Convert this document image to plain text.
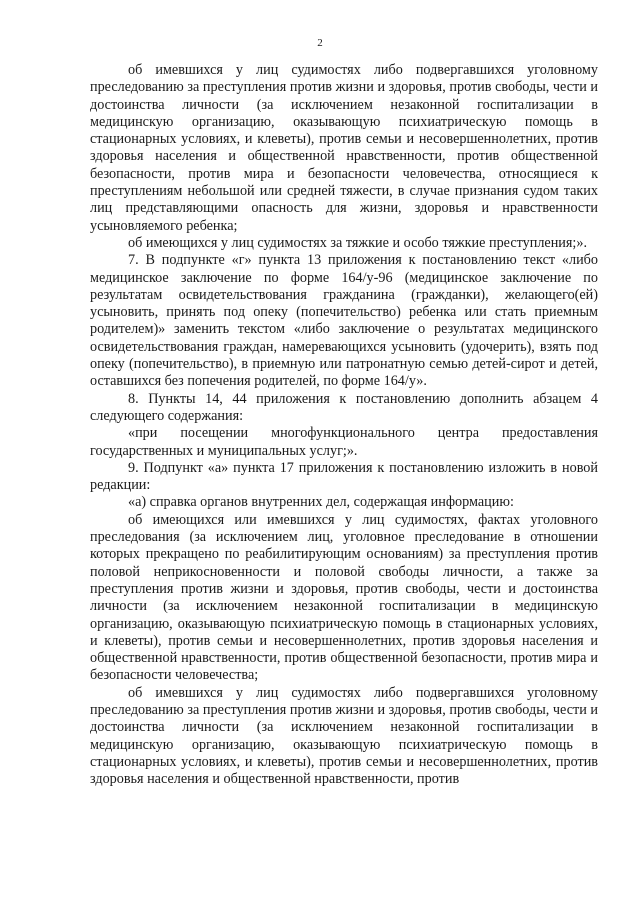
2

об имевшихся у лиц судимостях либо подвергавшихся уголовному преследованию за преступления против жизни и здоровья, против свободы, чести и достоинства личности (за исключением незаконной госпитализации в медицинскую организацию, оказывающую психиатрическую помощь в стационарных условиях, и клеветы), против семьи и несовершеннолетних, против здоровья населения и общественной нравственности, против общественной безопасности, против мира и безопасности человечества, относящиеся к преступлениям небольшой или средней тяжести, в случае признания судом таких лиц представляющими опасность для жизни, здоровья и нравственности усыновляемого ребенка;

об имеющихся у лиц судимостях за тяжкие и особо тяжкие преступления;».

7. В подпункте «г» пункта 13 приложения к постановлению текст «либо медицинское заключение по форме 164/у-96 (медицинское заключение по результатам освидетельствования гражданина (гражданки), желающего(ей) усыновить, принять под опеку (попечительство) ребенка или стать приемным родителем)» заменить текстом «либо заключение о результатах медицинского освидетельствования граждан, намеревающихся усыновить (удочерить), взять под опеку (попечительство), в приемную или патронатную семью детей-сирот и детей, оставшихся без попечения родителей, по форме 164/у».

8. Пункты 14, 44 приложения к постановлению дополнить абзацем 4 следующего содержания:

«при посещении многофункционального центра предоставления государственных и муниципальных услуг;».

9. Подпункт «а» пункта 17 приложения к постановлению изложить в новой редакции:

«а) справка органов внутренних дел, содержащая информацию:

об имеющихся или имевшихся у лиц судимостях, фактах уголовного преследования (за исключением лиц, уголовное преследование в отношении которых прекращено по реабилитирующим основаниям) за преступления против половой неприкосновенности и половой свободы личности, а также за преступления против жизни и здоровья, против свободы, чести и достоинства личности (за исключением незаконной госпитализации в медицинскую организацию, оказывающую психиатрическую помощь в стационарных условиях, и клеветы), против семьи и несовершеннолетних, против здоровья населения и общественной нравственности, против общественной безопасности, против мира и безопасности человечества;

об имевшихся у лиц судимостях либо подвергавшихся уголовному преследованию за преступления против жизни и здоровья, против свободы, чести и достоинства личности (за исключением незаконной госпитализации в медицинскую организацию, оказывающую психиатрическую помощь в стационарных условиях, и клеветы), против семьи и несовершеннолетних, против здоровья населения и общественной нравственности, против
